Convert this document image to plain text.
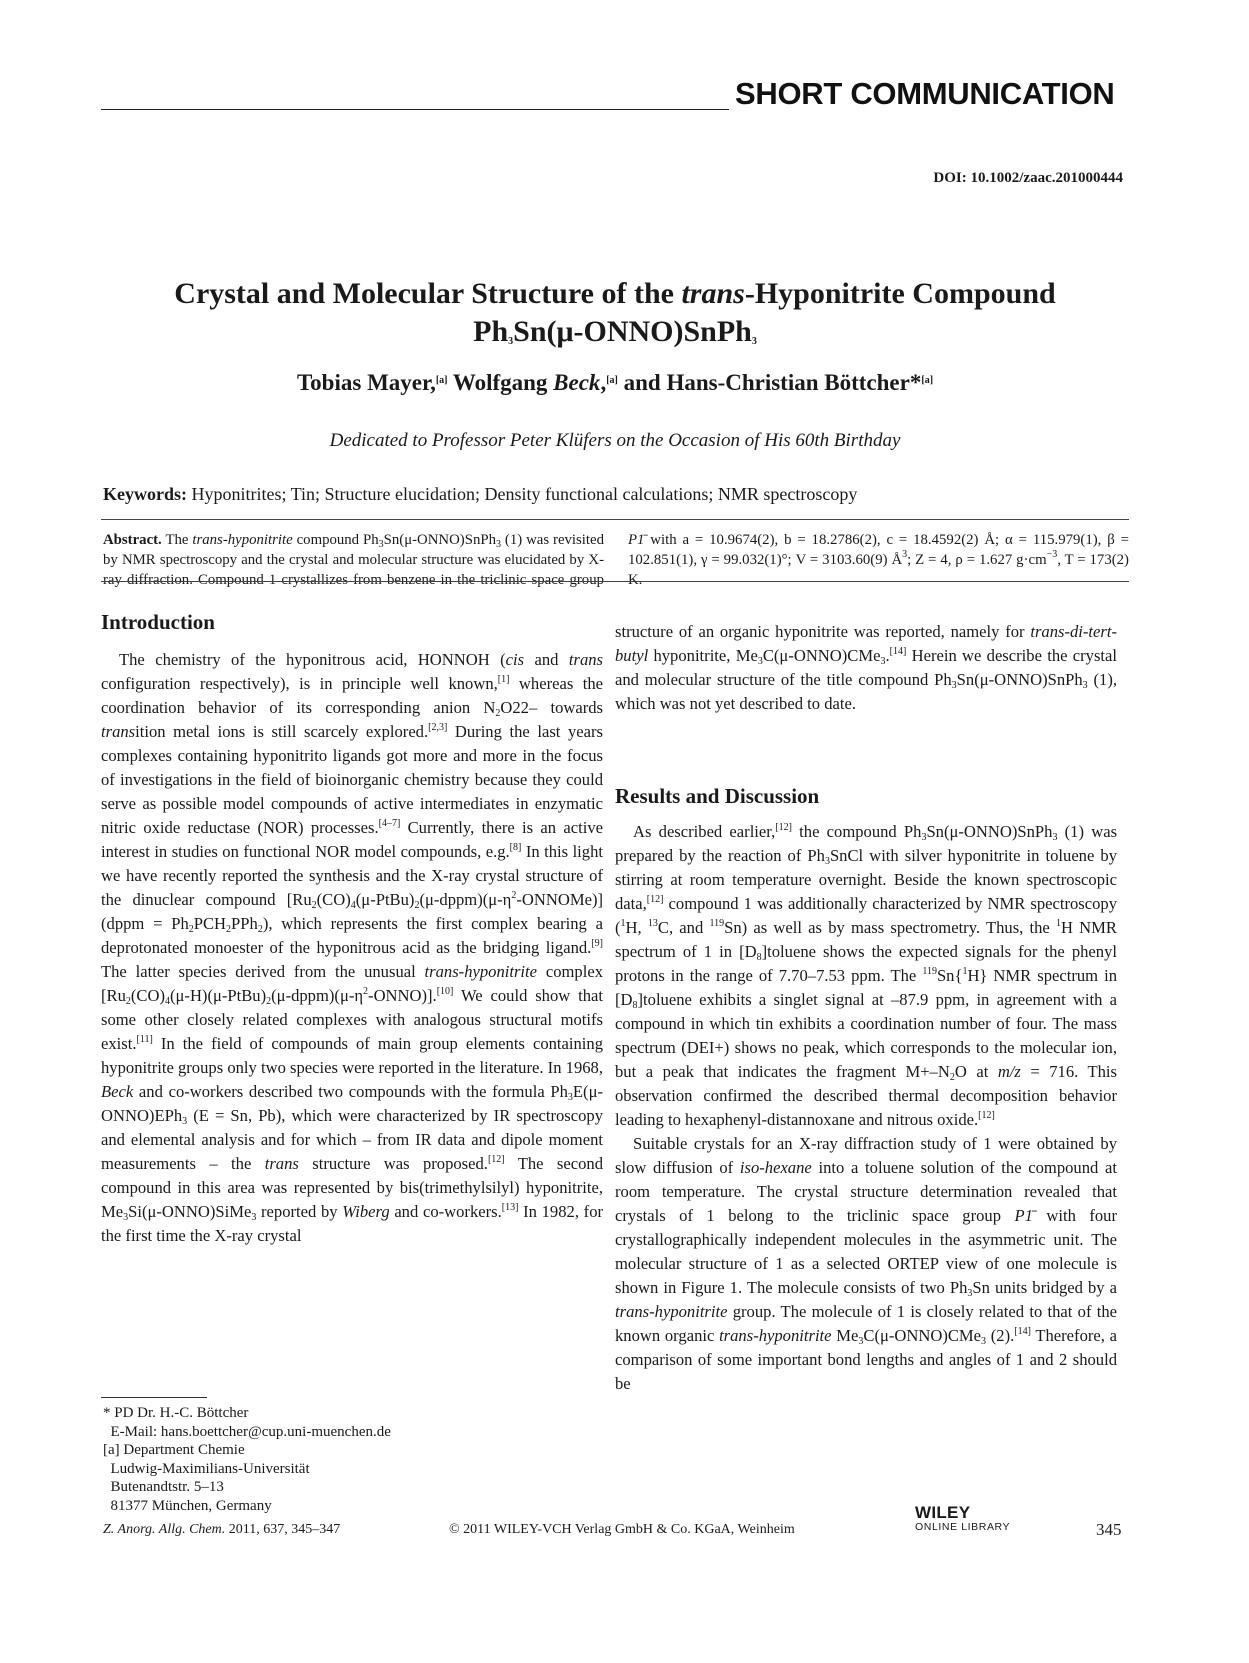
SHORT COMMUNICATION
DOI: 10.1002/zaac.201000444
Crystal and Molecular Structure of the trans-Hyponitrite Compound
$Ph_3Sn(\mu-ONNO)SnPh_3$
Tobias Mayer,[a] Wolfgang Beck,[a] and Hans-Christian Böttcher*[a]
Dedicated to Professor Peter Klüfers on the Occasion of His 60th Birthday
Keywords: Hyponitrites; Tin; Structure elucidation; Density functional calculations; NMR spectroscopy
Abstract. The trans-hyponitrite compound $Ph_3Sn(\mu-ONNO)SnPh_3$ (1) was revisited by NMR spectroscopy and the crystal and molecular structure was elucidated by X-ray diffraction. Compound 1 crystallizes from benzene in the triclinic space group P1̄ with a = 10.9674(2), b = 18.2786(2), c = 18.4592(2) Å; α = 115.979(1), β = 102.851(1), γ = 99.032(1)°; V = 3103.60(9) $Å^3$; Z = 4, ρ = 1.627 $g\cdot cm^{-3}$, T = 173(2) K.
Introduction

The chemistry of the hyponitrous acid, HONNOH (cis and trans configuration respectively), is in principle well known,[1] whereas the coordination behavior of its corresponding anion $N_2O22-$ towards transition metal ions is still scarcely explored.[2,3] During the last years complexes containing hyponitrito ligands got more and more in the focus of investigations in the field of bioinorganic chemistry because they could serve as possible model compounds of active intermediates in enzymatic nitric oxide reductase (NOR) processes.[4–7] Currently, there is an active interest in studies on functional NOR model compounds, e.g.[8] In this light we have recently reported the synthesis and the X-ray crystal structure of the dinuclear compound $[Ru_2(CO)_4(\mu-PtBu)_2(\mu-dppm)(\mu-\eta^2-ONNOMe)]$ (dppm = $Ph_2PCH_2PPh_2$), which represents the first complex bearing a deprotonated monoester of the hyponitrous acid as the bridging ligand.[9] The latter species derived from the unusual trans-hyponitrite complex $[Ru_2(CO)_4(\mu-H)(\mu-PtBu)_2(\mu-dppm)(\mu-\eta^2-ONNO)].[10]$ We could show that some other closely related complexes with analogous structural motifs exist.[11] In the field of compounds of main group elements containing hyponitrite groups only two species were reported in the literature. In 1968, Beck and co-workers described two compounds with the formula $Ph_3E(\mu-ONNO)EPh_3$ (E = Sn, Pb), which were characterized by IR spectroscopy and elemental analysis and for which – from IR data and dipole moment measurements – the trans structure was proposed.[12] The second compound in this area was represented by bis(trimethylsilyl) hyponitrite, $Me_3Si(\mu-ONNO)SiMe_3$ reported by Wiberg and co-workers.[13] In 1982, for the first time the X-ray crystal

structure of an organic hyponitrite was reported, namely for trans-di-tert-butyl hyponitrite, $Me_3C(\mu-ONNO)CMe_3.[14]$ Herein we describe the crystal and molecular structure of the title compound $Ph_3Sn(\mu-ONNO)SnPh_3$ (1), which was not yet described to date.

Results and Discussion

As described earlier,[12] the compound $Ph_3Sn(\mu-ONNO)SnPh_3$ (1) was prepared by the reaction of $Ph_3SnCl$ with silver hyponitrite in toluene by stirring at room temperature overnight. Beside the known spectroscopic data,[12] compound 1 was additionally characterized by NMR spectroscopy ($^1$H, $^{13}$C, and $^{119}$Sn) as well as by mass spectrometry. Thus, the $^1$H NMR spectrum of 1 in $[D_8]toluene$ shows the expected signals for the phenyl protons in the range of 7.70–7.53 ppm. The $^{119}$Sn{$^1$H} NMR spectrum in $[D_8]toluene$ exhibits a singlet signal at –87.9 ppm, in agreement with a compound in which tin exhibits a coordination number of four. The mass spectrum (DEI+) shows no peak, which corresponds to the molecular ion, but a peak that indicates the fragment $M+-N_2O$ at m/z = 716. This observation confirmed the described thermal decomposition behavior leading to hexaphenyl-distannoxane and nitrous oxide.[12]

Suitable crystals for an X-ray diffraction study of 1 were obtained by slow diffusion of iso-hexane into a toluene solution of the compound at room temperature. The crystal structure determination revealed that crystals of 1 belong to the triclinic space group P1̄ with four crystallographically independent molecules in the asymmetric unit. The molecular structure of 1 as a selected ORTEP view of one molecule is shown in Figure 1. The molecule consists of two $Ph_3Sn$ units bridged by a trans-hyponitrite group. The molecule of 1 is closely related to that of the known organic trans-hyponitrite $Me_3C(\mu-ONNO)CMe_3$ (2).[14] Therefore, a comparison of some important bond lengths and angles of 1 and 2 should be

* PD Dr. H.-C. Böttcher
E-Mail: hans.boettcher@cup.uni-muenchen.de
[a] Department Chemie
Ludwig-Maximilians-Universität
Butenandtstr. 5–13
81377 München, Germany
Z. Anorg. Allg. Chem. 2011, 637, 345–347	© 2011 WILEY-VCH Verlag GmbH & Co. KGaA, Weinheim
WILEY
ONLINE LIBRARY	345
